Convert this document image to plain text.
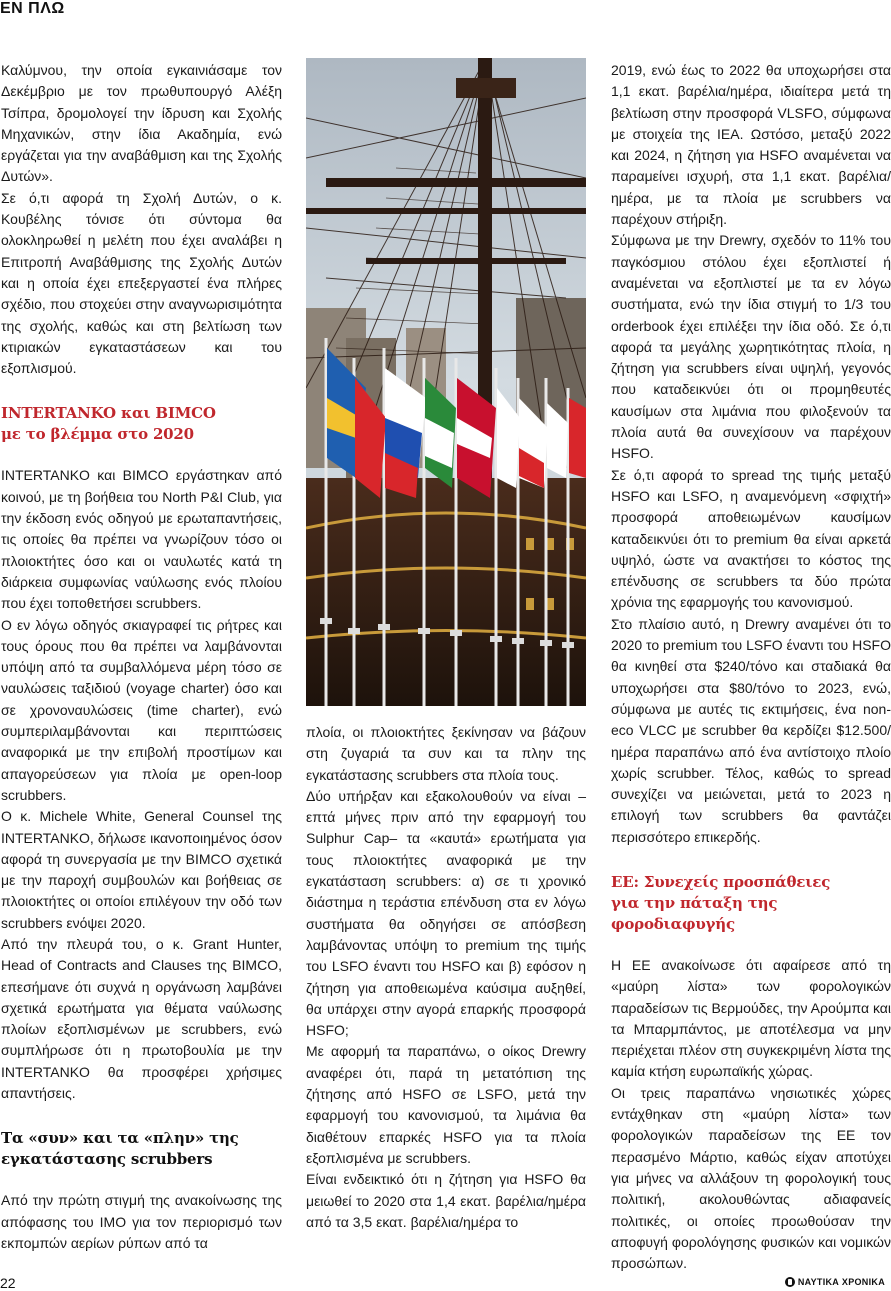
EN ΠΛΩ

Καλύμνου, την οποία εγκαινιάσαμε τον Δεκέμβριο με τον πρωθυπουργό Αλέξη Τσίπρα, δρομολογεί την ίδρυση και Σχολής Μηχανικών, στην ίδια Ακαδημία, ενώ εργάζεται για την αναβάθμιση και της Σχολής Δυτών».

Σε ό,τι αφορά τη Σχολή Δυτών, ο κ. Κουβέλης τόνισε ότι σύντομα θα ολοκληρωθεί η μελέτη που έχει αναλάβει η Επιτροπή Αναβάθμισης της Σχολής Δυτών και η οποία έχει επεξεργαστεί ένα πλήρες σχέδιο, που στοχεύει στην αναγνωρισιμότητα της σχολής, καθώς και στη βελτίωση των κτιριακών εγκαταστάσεων και του εξοπλισμού.

INTERTANKO και BIMCO
με το βλέμμα στο 2020

INTERTANKO και BIMCO εργάστηκαν από κοινού, με τη βοήθεια του North P&I Club, για την έκδοση ενός οδηγού με ερωταπαντήσεις, τις οποίες θα πρέπει να γνωρίζουν τόσο οι πλοιοκτήτες όσο και οι ναυλωτές κατά τη διάρκεια συμφωνίας ναύλωσης ενός πλοίου που έχει τοποθετήσει scrubbers.

Ο εν λόγω οδηγός σκιαγραφεί τις ρήτρες και τους όρους που θα πρέπει να λαμβάνονται υπόψη από τα συμβαλλόμενα μέρη τόσο σε ναυλώσεις ταξιδιού (voyage charter) όσο και σε χρονοναυλώσεις (time charter), ενώ συμπεριλαμβάνονται και περιπτώσεις αναφορικά με την επιβολή προστίμων και απαγορεύσεων για πλοία με open-loop scrubbers.

Ο κ. Michele White, General Counsel της INTERTANKO, δήλωσε ικανοποιημένος όσον αφορά τη συνεργασία με την BIMCO σχετικά με την παροχή συμβουλών και βοήθειας σε πλοιοκτήτες οι οποίοι επιλέγουν την οδό των scrubbers ενόψει 2020.

Από την πλευρά του, ο κ. Grant Hunter, Head of Contracts and Clauses της BIMCO, επεσήμανε ότι συχνά η οργάνωση λαμβάνει σχετικά ερωτήματα για θέματα ναύλωσης πλοίων εξοπλισμένων με scrubbers, ενώ συμπλήρωσε ότι η πρωτοβουλία με την INTERTANKO θα προσφέρει χρήσιμες απαντήσεις.

Τα «συν» και τα «πλην» της
εγκατάστασης scrubbers

Από την πρώτη στιγμή της ανακοίνωσης της απόφασης του IMO για τον περιορισμό των εκπομπών αερίων ρύπων από τα

πλοία, οι πλοιοκτήτες ξεκίνησαν να βάζουν στη ζυγαριά τα συν και τα πλην της εγκατάστασης scrubbers στα πλοία τους.

Δύο υπήρξαν και εξακολουθούν να είναι –επτά μήνες πριν από την εφαρμογή του Sulphur Cap– τα «καυτά» ερωτήματα για τους πλοιοκτήτες αναφορικά με την εγκατάσταση scrubbers: α) σε τι χρονικό διάστημα η τεράστια επένδυση στα εν λόγω συστήματα θα οδηγήσει σε απόσβεση λαμβάνοντας υπόψη το premium της τιμής του LSFO έναντι του HSFO και β) εφόσον η ζήτηση για αποθειωμένα καύσιμα αυξηθεί, θα υπάρχει στην αγορά επαρκής προσφορά HSFO;

Με αφορμή τα παραπάνω, ο οίκος Drewry αναφέρει ότι, παρά τη μετατόπιση της ζήτησης από HSFO σε LSFO, μετά την εφαρμογή του κανονισμού, τα λιμάνια θα διαθέτουν επαρκές HSFO για τα πλοία εξοπλισμένα με scrubbers.

Είναι ενδεικτικό ότι η ζήτηση για HSFO θα μειωθεί το 2020 στα 1,4 εκατ. βαρέλια/ημέρα από τα 3,5 εκατ. βαρέλια/ημέρα το

2019, ενώ έως το 2022 θα υποχωρήσει στα 1,1 εκατ. βαρέλια/ημέρα, ιδιαίτερα μετά τη βελτίωση στην προσφορά VLSFO, σύμφωνα με στοιχεία της IEA. Ωστόσο, μεταξύ 2022 και 2024, η ζήτηση για HSFO αναμένεται να παραμείνει ισχυρή, στα 1,1 εκατ. βαρέλια/ημέρα, με τα πλοία με scrubbers να παρέχουν στήριξη.

Σύμφωνα με την Drewry, σχεδόν το 11% του παγκόσμιου στόλου έχει εξοπλιστεί ή αναμένεται να εξοπλιστεί με τα εν λόγω συστήματα, ενώ την ίδια στιγμή το 1/3 του orderbook έχει επιλέξει την ίδια οδό. Σε ό,τι αφορά τα μεγάλης χωρητικότητας πλοία, η ζήτηση για scrubbers είναι υψηλή, γεγονός που καταδεικνύει ότι οι προμηθευτές καυσίμων στα λιμάνια που φιλοξενούν τα πλοία αυτά θα συνεχίσουν να παρέχουν HSFO.

Σε ό,τι αφορά το spread της τιμής μεταξύ HSFO και LSFO, η αναμενόμενη «σφιχτή» προσφορά αποθειωμένων καυσίμων καταδεικνύει ότι το premium θα είναι αρκετά υψηλό, ώστε να ανακτήσει το κόστος της επένδυσης σε scrubbers τα δύο πρώτα χρόνια της εφαρμογής του κανονισμού.

Στο πλαίσιο αυτό, η Drewry αναμένει ότι το 2020 το premium του LSFO έναντι του HSFO θα κινηθεί στα $240/τόνο και σταδιακά θα υποχωρήσει στα $80/τόνο το 2023, ενώ, σύμφωνα με αυτές τις εκτιμήσεις, ένα non-eco VLCC με scrubber θα κερδίζει $12.500/ημέρα παραπάνω από ένα αντίστοιχο πλοίο χωρίς scrubber. Τέλος, καθώς το spread συνεχίζει να μειώνεται, μετά το 2023 η επιλογή των scrubbers θα φαντάζει περισσότερο επικερδής.

ΕΕ: Συνεχείς προσπάθειες
για την πάταξη της φοροδιαφυγής

Η ΕΕ ανακοίνωσε ότι αφαίρεσε από τη «μαύρη λίστα» των φορολογικών παραδείσων τις Βερμούδες, την Αρούμπα και τα Μπαρμπάντος, με αποτέλεσμα να μην περιέχεται πλέον στη συγκεκριμένη λίστα της καμία κτήση ευρωπαϊκής χώρας.

Οι τρεις παραπάνω νησιωτικές χώρες εντάχθηκαν στη «μαύρη λίστα» των φορολογικών παραδείσων της ΕΕ τον περασμένο Μάρτιο, καθώς είχαν αποτύχει για μήνες να αλλάξουν τη φορολογική τους πολιτική, ακολουθώντας αδιαφανείς πολιτικές, οι οποίες προωθούσαν την αποφυγή φορολόγησης φυσικών και νομικών προσώπων.

22	ΝΑΥΤΙΚΑ ΧΡΟΝΙΚΑ
